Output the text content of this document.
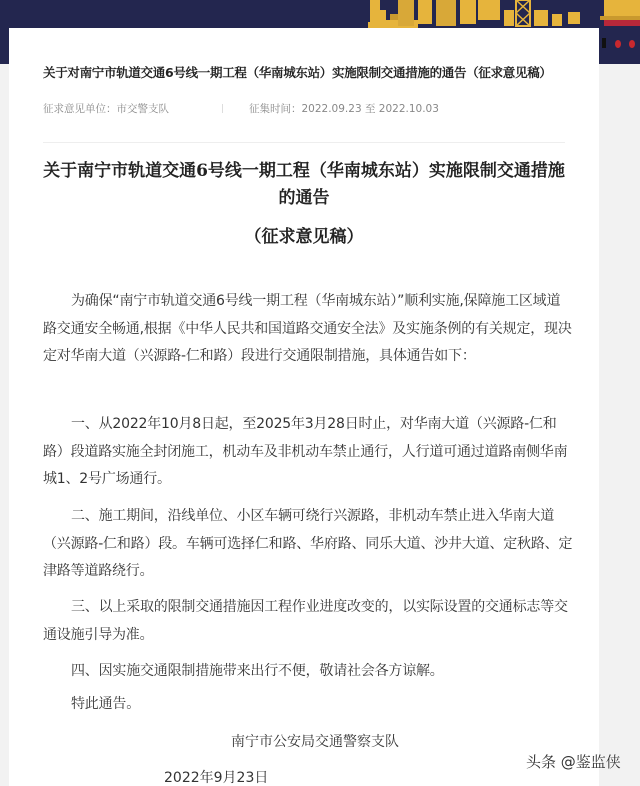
关于对南宁市轨道交通6号线一期工程（华南城东站）实施限制交通措施的通告（征求意见稿）
征求意见单位：市交警支队	征集时间：2022.09.23 至 2022.10.03
关于南宁市轨道交通6号线一期工程（华南城东站）实施限制交通措施的通告
（征求意见稿）

为确保“南宁市轨道交通6号线一期工程（华南城东站）”顺利实施,保障施工区域道路交通安全畅通,根据《中华人民共和国道路交通安全法》及实施条例的有关规定，现决定对华南大道（兴源路-仁和路）段进行交通限制措施，具体通告如下：

一、从2022年10月8日起，至2025年3月28日时止，对华南大道（兴源路-仁和路）段道路实施全封闭施工，机动车及非机动车禁止通行，人行道可通过道路南侧华南城1、2号广场通行。

二、施工期间，沿线单位、小区车辆可绕行兴源路，非机动车禁止进入华南大道（兴源路-仁和路）段。车辆可选择仁和路、华府路、同乐大道、沙井大道、定秋路、定津路等道路绕行。

三、以上采取的限制交通措施因工程作业进度改变的，以实际设置的交通标志等交通设施引导为准。

四、因实施交通限制措施带来出行不便，敬请社会各方谅解。

特此通告。

南宁市公安局交通警察支队
2022年9月23日
头条 @鉴监侠
